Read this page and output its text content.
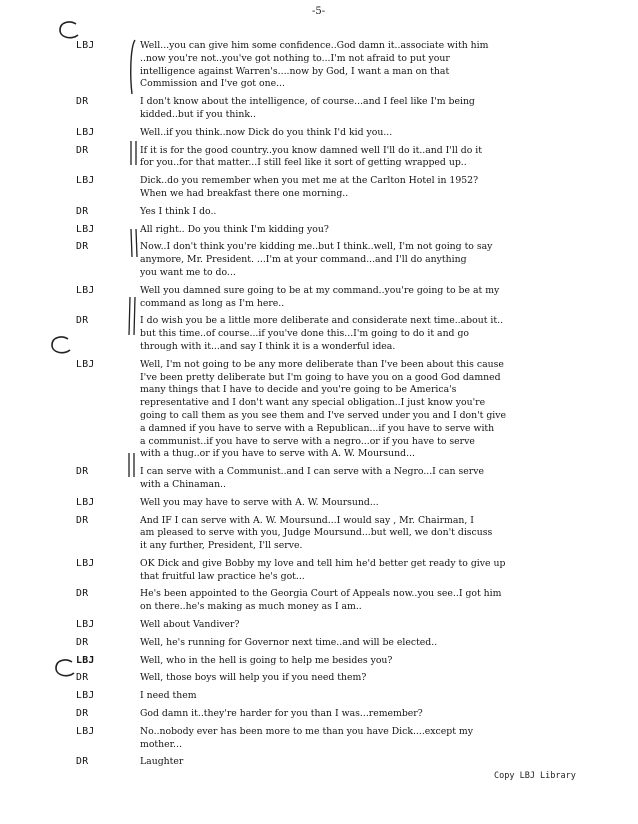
-5-
LBJ	Well...you can give him some confidence..God damn it..associate with him
..now you're not..you've got nothing to...I'm not afraid to put your
intelligence against Warren's....now by God, I want a man on that
Commission and I've got one...
DR	I don't know about the intelligence, of course...and I feel like I'm being
kidded..but if you think..
LBJ	Well..if you think..now Dick do you think I'd kid you...
DR	If it is for the good country..you know damned well I'll do it..and I'll do it
for you..for that matter...I still feel like it sort of getting wrapped up..
LBJ	Dick..do you remember when you met me at the Carlton Hotel in 1952?
When we had breakfast there one morning..
DR	Yes I think I do..
LBJ	All right.. Do you think I'm kidding you?
DR	Now..I don't think you're kidding me..but I think..well, I'm not going to say
anymore, Mr. President. ...I'm at your command...and I'll do anything
you want me to do...
LBJ	Well you damned sure going to be at my command..you're going to be at my
command as long as I'm here..
DR	I do wish you be a little more deliberate and considerate next time..about it..
but this time..of course...if you've done this...I'm going to do it and go
through with it...and say I think it is a wonderful idea.
LBJ	Well, I'm not going to be any more deliberate than I've been about this cause
I've been pretty deliberate but I'm going to have you on a good God damned
many things that I have to decide and you're going to be America's
representative and I don't want any special obligation..I just know you're
going to call them as you see them and I've served under you and I don't give
a damned if you have to serve with a Republican...if you have to serve with
a communist..if you have to serve with a negro...or if you have to serve
with a thug..or if you have to serve with A. W. Moursund...
DR	I can serve with a Communist..and I can serve with a Negro...I can serve
with a Chinaman..
LBJ	Well you may have to serve with A. W. Moursund...
DR	And IF I can serve with A. W. Moursund...I would say , Mr. Chairman, I
am pleased to serve with you, Judge Moursund...but well, we don't discuss
it any further, President, I'll serve.
LBJ	OK Dick and give Bobby my love and tell him he'd better get ready to give up
that fruitful law practice he's got...
DR	He's been appointed to the Georgia Court of Appeals now..you see..I got him
on there..he's making as much money as I am..
LBJ	Well about Vandiver?
DR	Well, he's running for Governor next time..and will be elected..
LBJ	Well, who in the hell is going to help me besides you?
DR	Well, those boys will help you if you need them?
LBJ	I need them
DR	God damn it..they're harder for you than I was...remember?
LBJ	No..nobody ever has been more to me than you have Dick....except my
mother...
DR	Laughter
Copy LBJ Library
